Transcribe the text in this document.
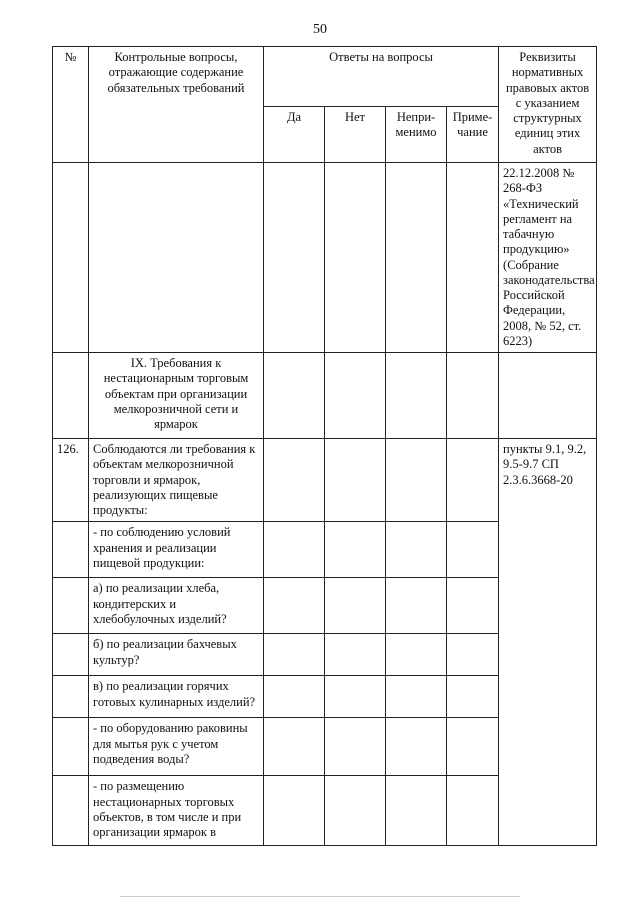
50
№	Контрольные вопросы, отражающие содержание обязательных требований	Ответы на вопросы				Реквизиты нормативных правовых актов с указанием структурных единиц этих актов
		Да	Нет	Непри-менимо	Приме-чание	
						22.12.2008 № 268-ФЗ «Технический регламент на табачную продукцию» (Собрание законодательства Российской Федерации, 2008, № 52, ст. 6223)
	IX. Требования к нестационарным торговым объектам при организации мелкорозничной сети и ярмарок					
126.	Соблюдаются ли требования к объектам мелкорозничной торговли и ярмарок, реализующих пищевые продукты:					пункты 9.1, 9.2, 9.5-9.7 СП 2.3.6.3668-20
	- по соблюдению условий хранения и реализации пищевой продукции:					
	а) по реализации хлеба, кондитерских и хлебобулочных изделий?					
	б) по реализации бахчевых культур?					
	в) по реализации горячих готовых кулинарных изделий?					
	- по оборудованию раковины для мытья рук с учетом подведения воды?					
	- по размещению нестационарных торговых объектов, в том числе и при организации ярмарок в					
